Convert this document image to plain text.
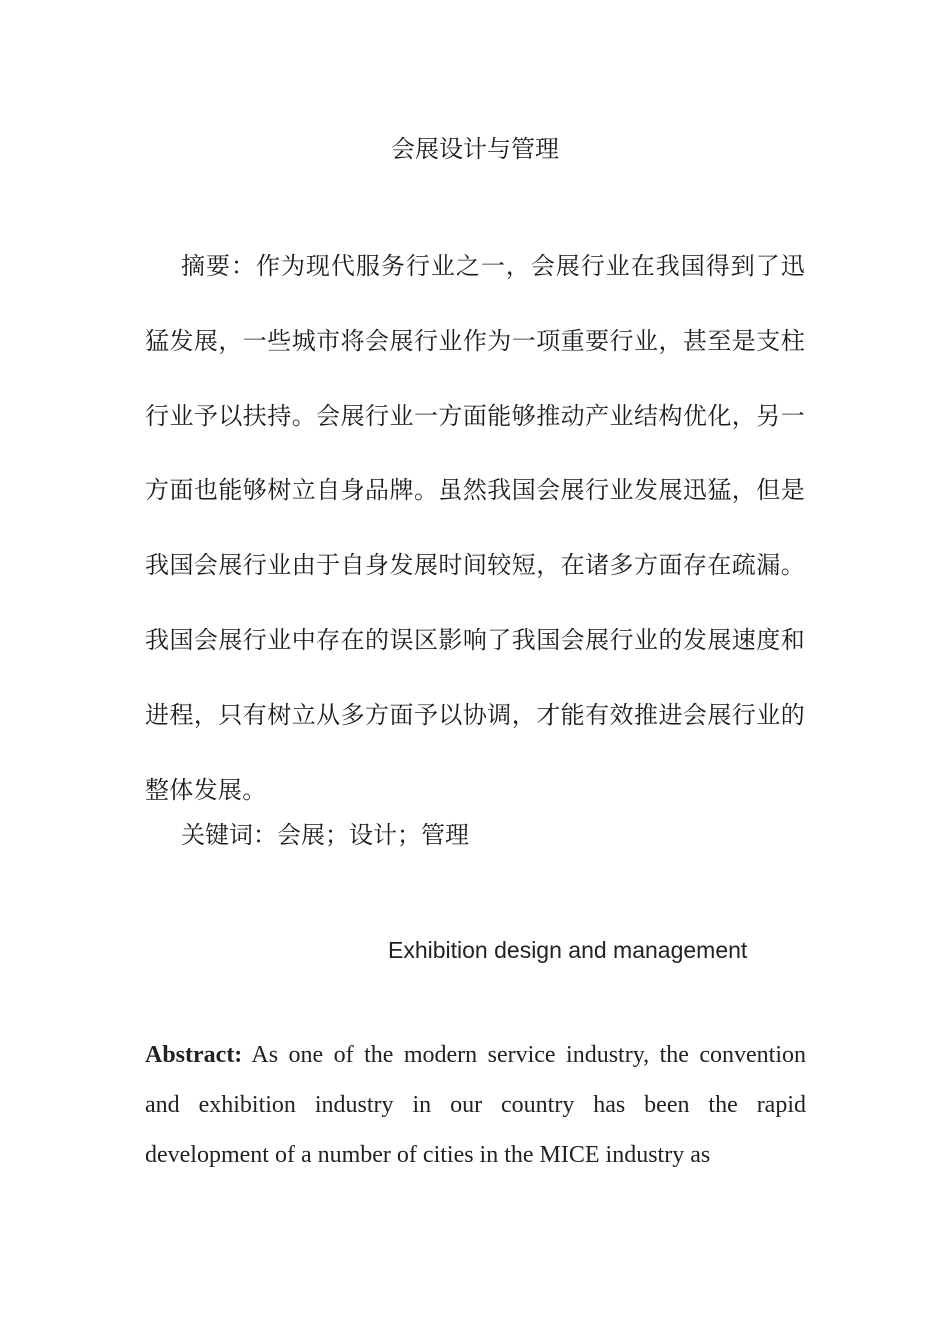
会展设计与管理

摘要：作为现代服务行业之一，会展行业在我国得到了迅猛发展，一些城市将会展行业作为一项重要行业，甚至是支柱行业予以扶持。会展行业一方面能够推动产业结构优化，另一方面也能够树立自身品牌。虽然我国会展行业发展迅猛，但是我国会展行业由于自身发展时间较短，在诸多方面存在疏漏。我国会展行业中存在的误区影响了我国会展行业的发展速度和进程，只有树立从多方面予以协调，才能有效推进会展行业的整体发展。

关键词：会展；设计；管理

Exhibition design and management

Abstract: As one of the modern service industry, the convention and exhibition industry in our country has been the rapid development of a number of cities in the MICE industry as
